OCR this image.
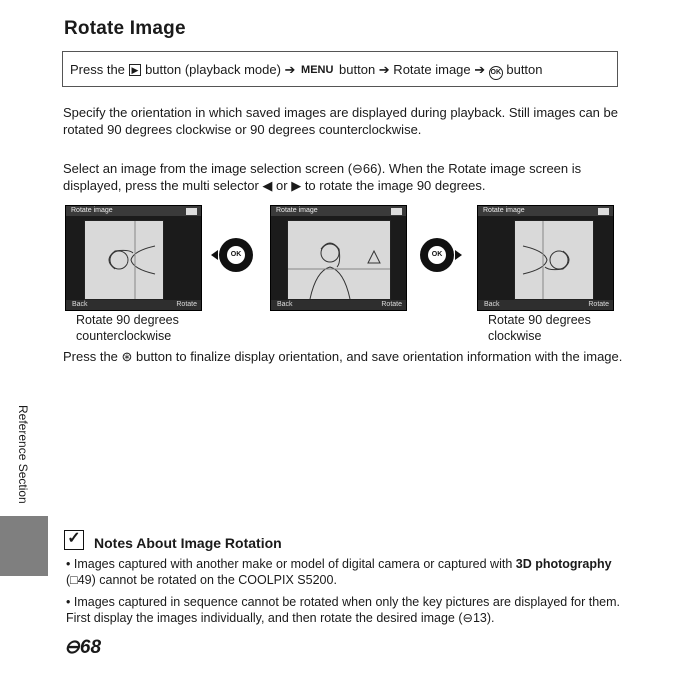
Rotate Image
Press the ▶ button (playback mode) ➔ MENU button ➔ Rotate image ➔ OK button
Specify the orientation in which saved images are displayed during playback. Still images can be rotated 90 degrees clockwise or 90 degrees counterclockwise.
Select an image from the image selection screen (⊖66). When the Rotate image screen is displayed, press the multi selector ◀ or ▶ to rotate the image 90 degrees.
Rotate image
Back	Rotate
OK
Rotate image
Back	Rotate
OK
Rotate image
Back	Rotate
Rotate 90 degrees counterclockwise
Rotate 90 degrees clockwise
Press the ⊛ button to finalize display orientation, and save orientation information with the image.
Reference Section
✓ Notes About Image Rotation
• Images captured with another make or model of digital camera or captured with 3D photography (□49) cannot be rotated on the COOLPIX S5200.
• Images captured in sequence cannot be rotated when only the key pictures are displayed for them. First display the images individually, and then rotate the desired image (⊖13).
⊖68
